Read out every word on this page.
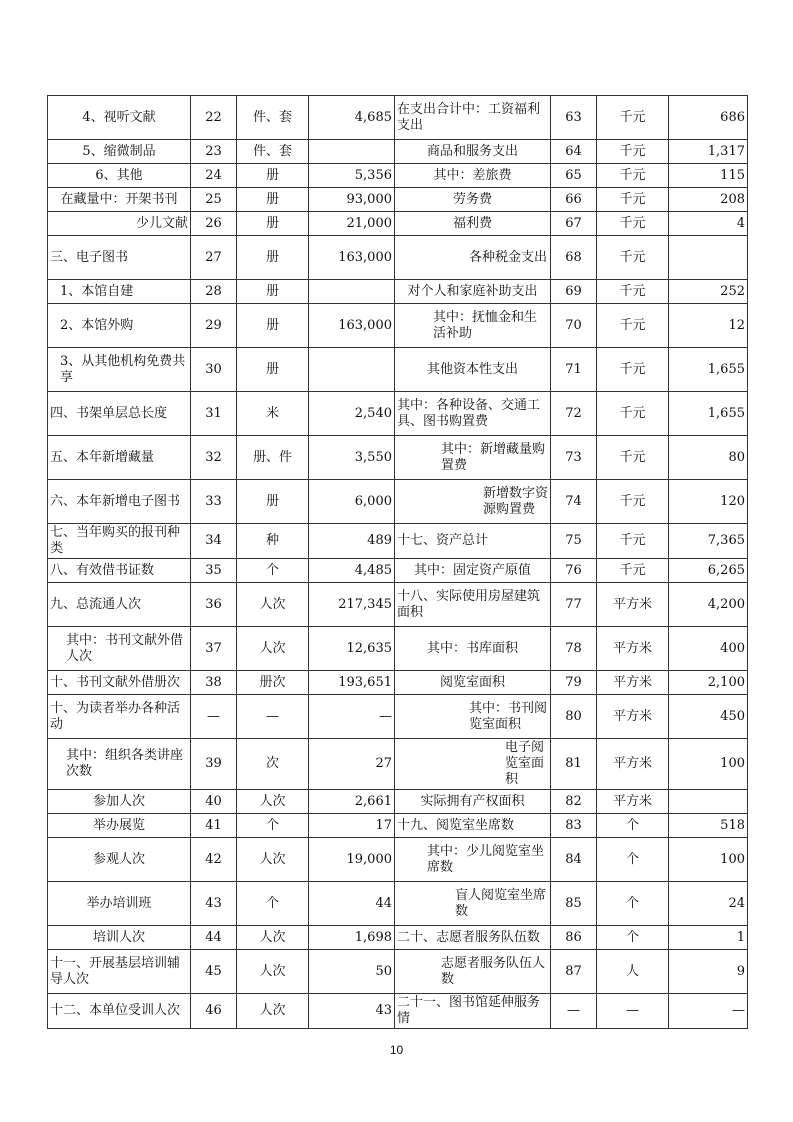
4、视听文献	22	件、套	4,685	在支出合计中：工资福利支出	63	千元	686
5、缩微制品	23	件、套		商品和服务支出	64	千元	1,317
6、其他	24	册	5,356	其中：差旅费	65	千元	115
在藏量中：开架书刊	25	册	93,000	劳务费	66	千元	208
少儿文献	26	册	21,000	福利费	67	千元	4
三、电子图书	27	册	163,000	各种税金支出	68	千元	
1、本馆自建	28	册		对个人和家庭补助支出	69	千元	252
2、本馆外购	29	册	163,000	其中：抚恤金和生活补助	70	千元	12
3、从其他机构免费共享	30	册		其他资本性支出	71	千元	1,655
四、书架单层总长度	31	米	2,540	其中：各种设备、交通工具、图书购置费	72	千元	1,655
五、本年新增藏量	32	册、件	3,550	其中：新增藏量购置费	73	千元	80
六、本年新增电子图书	33	册	6,000	新增数字资源购置费	74	千元	120
七、当年购买的报刊种类	34	种	489	十七、资产总计	75	千元	7,365
八、有效借书证数	35	个	4,485	其中：固定资产原值	76	千元	6,265
九、总流通人次	36	人次	217,345	十八、实际使用房屋建筑面积	77	平方米	4,200
其中：书刊文献外借人次	37	人次	12,635	其中：书库面积	78	平方米	400
十、书刊文献外借册次	38	册次	193,651	阅览室面积	79	平方米	2,100
十、为读者举办各种活动	—	—	—	其中：书刊阅览室面积	80	平方米	450
其中：组织各类讲座次数	39	次	27	电子阅览室面积	81	平方米	100
参加人次	40	人次	2,661	实际拥有产权面积	82	平方米	
举办展览	41	个	17	十九、阅览室坐席数	83	个	518
参观人次	42	人次	19,000	其中：少儿阅览室坐席数	84	个	100
举办培训班	43	个	44	盲人阅览室坐席数	85	个	24
培训人次	44	人次	1,698	二十、志愿者服务队伍数	86	个	1
十一、开展基层培训辅导人次	45	人次	50	志愿者服务队伍人数	87	人	9
十二、本单位受训人次	46	人次	43	二十一、图书馆延伸服务情	—	—	—
10
